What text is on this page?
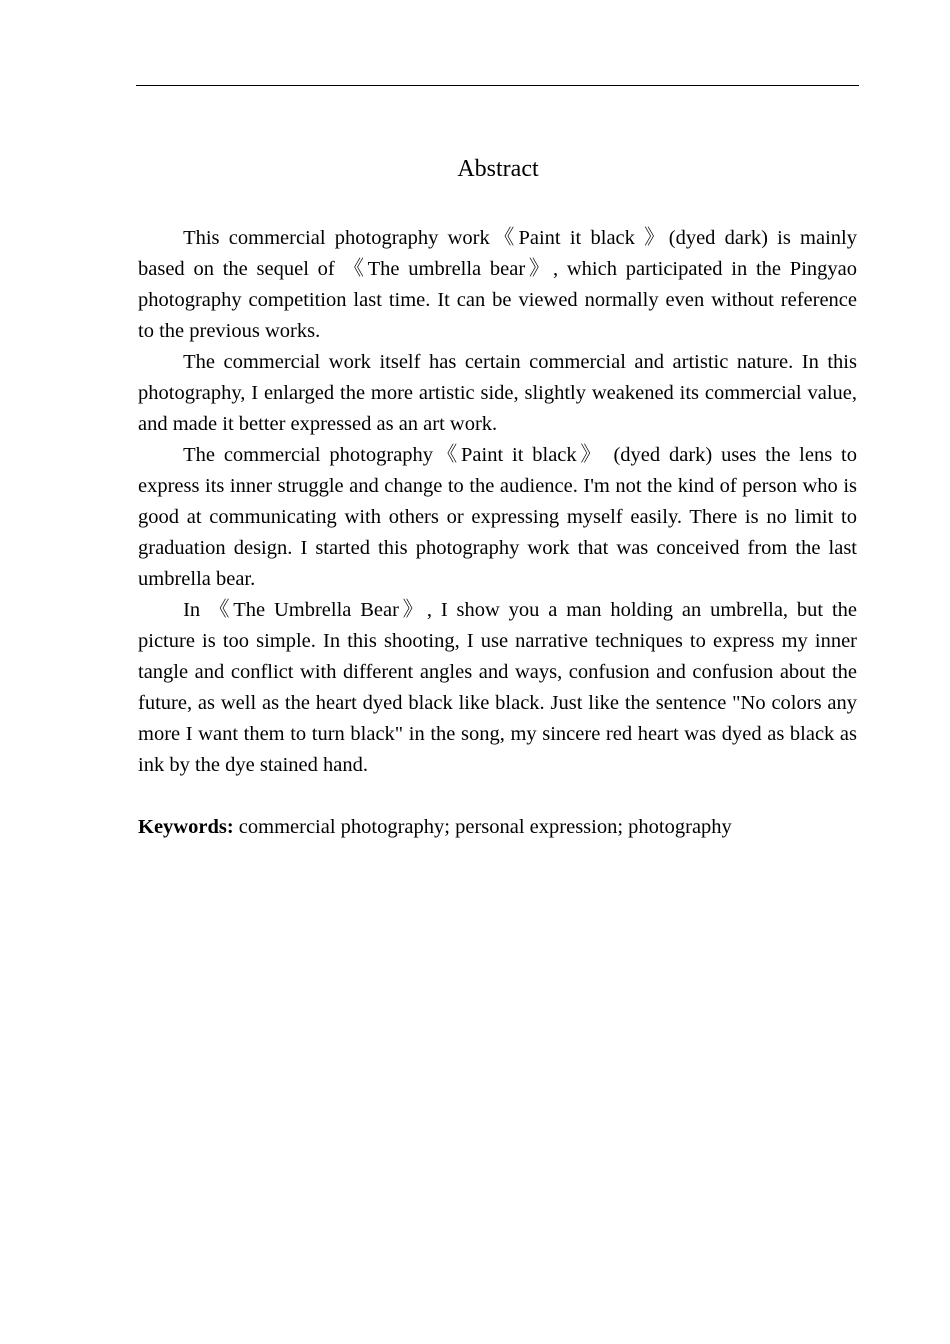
Abstract

This commercial photography work《Paint it black 》(dyed dark) is mainly based on the sequel of 《The umbrella bear》, which participated in the Pingyao photography competition last time. It can be viewed normally even without reference to the previous works.

The commercial work itself has certain commercial and artistic nature. In this photography, I enlarged the more artistic side, slightly weakened its commercial value, and made it better expressed as an art work.

The commercial photography《Paint it black》 (dyed dark) uses the lens to express its inner struggle and change to the audience. I'm not the kind of person who is good at communicating with others or expressing myself easily. There is no limit to graduation design. I started this photography work that was conceived from the last umbrella bear.

In 《The Umbrella Bear》, I show you a man holding an umbrella, but the picture is too simple. In this shooting, I use narrative techniques to express my inner tangle and conflict with different angles and ways, confusion and confusion about the future, as well as the heart dyed black like black. Just like the sentence "No colors any more I want them to turn black" in the song, my sincere red heart was dyed as black as ink by the dye stained hand.

Keywords: commercial photography; personal expression; photography
